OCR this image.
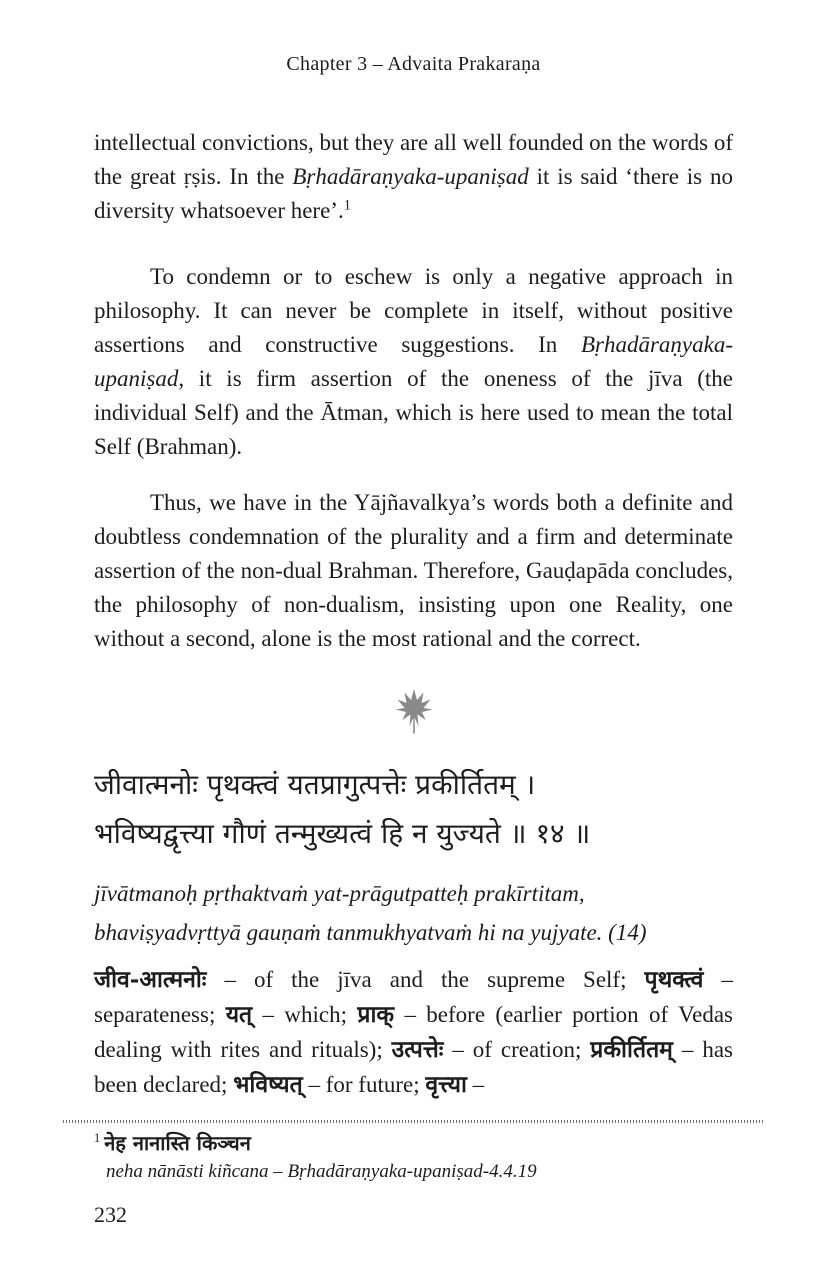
Chapter 3 – Advaita Prakaraṇa
intellectual convictions, but they are all well founded on the words of the great ṛṣis. In the Bṛhadāraṇyaka-upaniṣad it is said ‘there is no diversity whatsoever here’.$^1$
To condemn or to eschew is only a negative approach in philosophy. It can never be complete in itself, without positive assertions and constructive suggestions. In Bṛhadāraṇyaka-upaniṣad, it is firm assertion of the oneness of the jīva (the individual Self) and the Ātman, which is here used to mean the total Self (Brahman).
Thus, we have in the Yājñavalkya’s words both a definite and doubtless condemnation of the plurality and a firm and determinate assertion of the non-dual Brahman. Therefore, Gauḍapāda concludes, the philosophy of non-dualism, insisting upon one Reality, one without a second, alone is the most rational and the correct.
जीवात्मनोः पृथक्त्वं यतप्रागुत्पत्तेः प्रकीर्तितम् ।
भविष्यद्वृत्त्या गौणं तन्मुख्यत्वं हि न युज्यते ॥ १४ ॥
jīvātmanoḥ pṛthaktvaṁ yat-prāgutpatteḥ prakīrtitam,
bhaviṣyadvṛttyā gauṇaṁ tanmukhyatvaṁ hi na yujyate. (14)
जीव-आत्मनोः – of the jīva and the supreme Self; पृथक्त्वं – separateness; यत् – which; प्राक् – before (earlier portion of Vedas dealing with rites and rituals); उत्पत्तेः – of creation; प्रकीर्तितम् – has been declared; भविष्यत् – for future; वृत्त्या –
$^1$ नेह नानास्ति किञ्चन
neha nānāsti kiñcana – Bṛhadāraṇyaka-upaniṣad-4.4.19
232
